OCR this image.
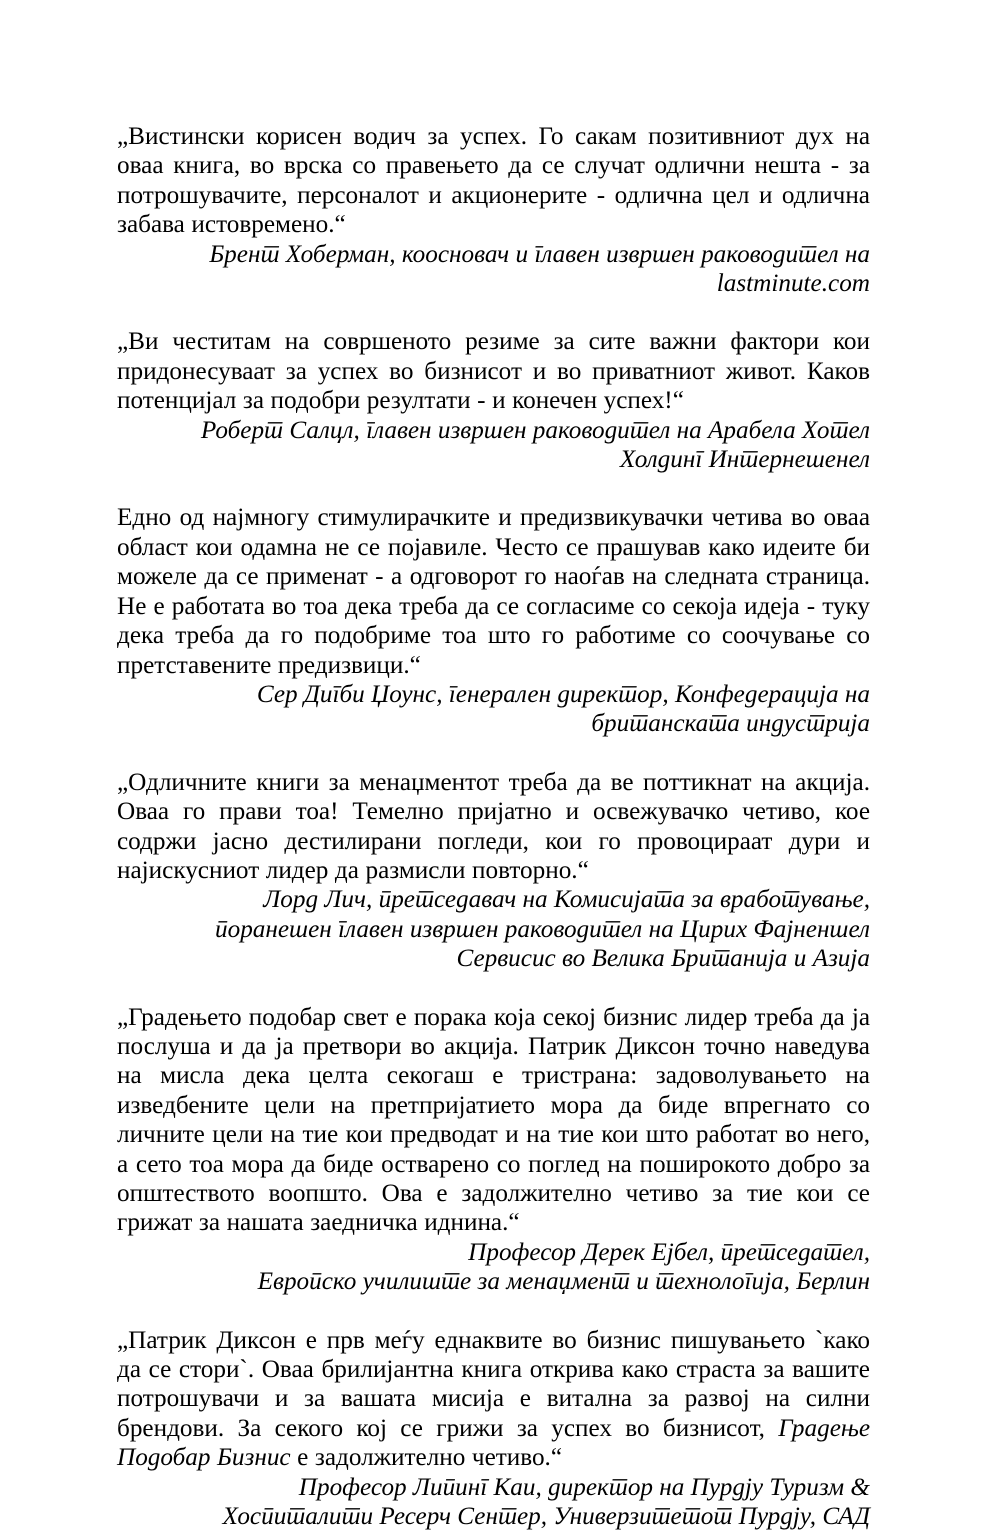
„Вистински корисен водич за успех. Го сакам позитивниот дух на оваа книга, во врска со правењето да се случат одлични нешта - за потрошувачите, персоналот и акционерите - одлична цел и одлична забава истовремено.“

Брент Хоберман, коосновач и главен извршен раководител на
lastminute.com

„Ви честитам на совршеното резиме за сите важни фактори кои придонесуваат за успех во бизнисот и во приватниот живот. Каков потенцијал за подобри резултати - и конечен успех!“

Роберт Салцл, главен извршен раководител на Арабела Хотел
Холдинг Интернешенел

Едно од најмногу стимулирачките и предизвикувачки четива во оваа област кои одамна не се појавиле. Често се прашував како идеите би можеле да се применат - а одговорот го наоѓав на следната страница. Не е работата во тоа дека треба да се согласиме со секоја идеја - туку дека треба да го подобриме тоа што го работиме со соочување со претставените предизвици.“

Сер Дигби Џоунс, генерален директор, Конфедерација на
британската индустрија

„Одличните книги за менаџментот треба да ве поттикнат на акција. Оваа го прави тоа! Темелно пријатно и освежувачко четиво, кое содржи јасно дестилирани погледи, кои го провоцираат дури и најискусниот лидер да размисли повторно.“

Лорд Лич, претседавач на Комисијата за вработување,
поранешен главен извршен раководител на Цирих Фајненшел
Сервисис во Велика Британија и Азија

„Градењето подобар свет е порака која секој бизнис лидер треба да ја послуша и да ја претвори во акција. Патрик Диксон точно наведува на мисла дека целта секогаш е тристрана: задоволувањето на изведбените цели на претпријатието мора да биде впрегнато со личните цели на тие кои предводат и на тие кои што работат во него, а сето тоа мора да биде остварено со поглед на поширокото добро за општеството воопшто. Ова е задолжително четиво за тие кои се грижат за нашата заедничка иднина.“

Професор Дерек Ејбел, претседател,
Европско училиште за менаџмент и технологија, Берлин

„Патрик Диксон е прв меѓу еднаквите во бизнис пишувањето `како да се стори`. Оваа брилијантна книга открива како страста за вашите потрошувачи и за вашата мисија е витална за развој на силни брендови. За секого кој се грижи за успех во бизнисот, Градење Подобар Бизнис е задолжително четиво.“

Професор Липинг Каи, директор на Пурдју Туризм &
Хоспиталити Ресерч Сентер, Универзитетот Пурдју, САД
